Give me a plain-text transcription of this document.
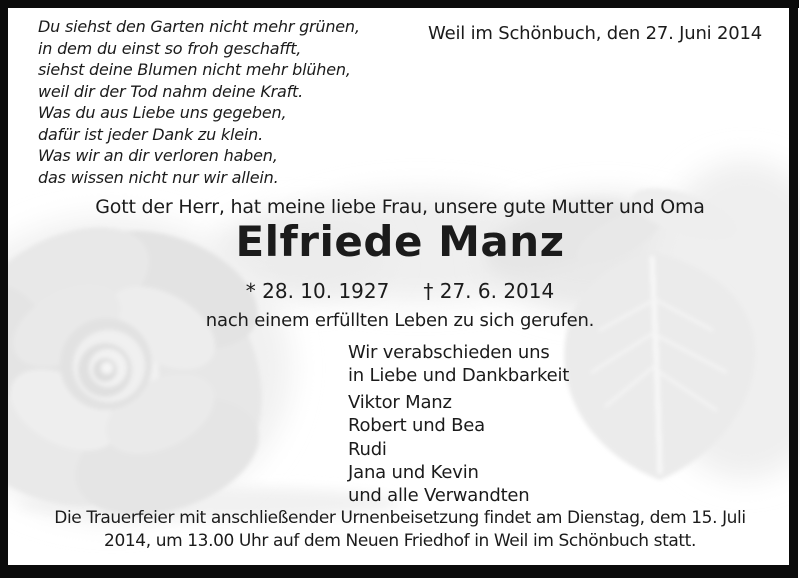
Du siehst den Garten nicht mehr grünen,
in dem du einst so froh geschafft,
siehst deine Blumen nicht mehr blühen,
weil dir der Tod nahm deine Kraft.
Was du aus Liebe uns gegeben,
dafür ist jeder Dank zu klein.
Was wir an dir verloren haben,
das wissen nicht nur wir allein.
Weil im Schönbuch, den 27. Juni 2014
Gott der Herr, hat meine liebe Frau, unsere gute Mutter und Oma
Elfriede Manz
* 28. 10. 1927 † 27. 6. 2014
nach einem erfüllten Leben zu sich gerufen.
Wir verabschieden uns
in Liebe und Dankbarkeit
Viktor Manz
Robert und Bea
Rudi
Jana und Kevin
und alle Verwandten
Die Trauerfeier mit anschließender Urnenbeisetzung findet am Dienstag, dem 15. Juli
2014, um 13.00 Uhr auf dem Neuen Friedhof in Weil im Schönbuch statt.
